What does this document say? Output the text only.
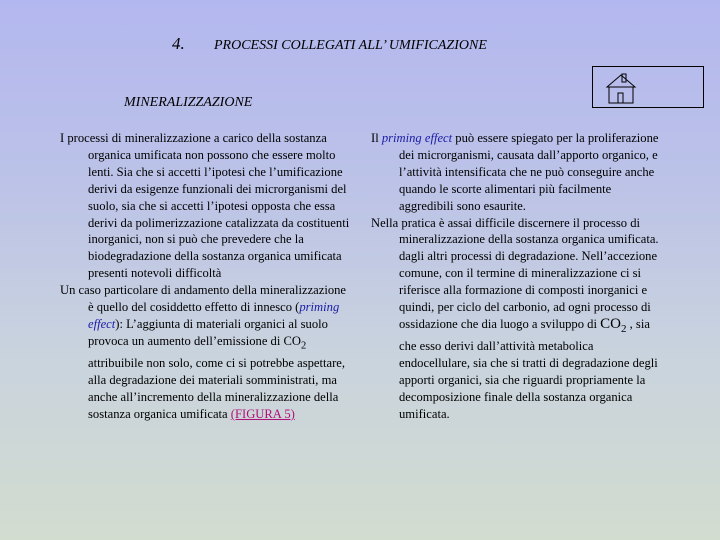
4. PROCESSI COLLEGATI ALL’ UMIFICAZIONE
MINERALIZZAZIONE

I processi di mineralizzazione a carico della sostanza organica umificata non possono che essere molto lenti. Sia che si accetti l’ipotesi che l’umificazione derivi da esigenze funzionali dei microrganismi del suolo, sia che si accetti l’ipotesi opposta che essa derivi da polimerizzazione catalizzata da costituenti inorganici, non si può che prevedere che la biodegradazione della sostanza organica umificata presenti notevoli difficoltà

Un caso particolare di andamento della mineralizzazione è quello del cosiddetto effetto di innesco (priming effect): L’aggiunta di materiali organici al suolo provoca un aumento dell’emissione di $CO_2$ attribuibile non solo, come ci si potrebbe aspettare, alla degradazione dei materiali somministrati, ma anche all’incremento della mineralizzazione della sostanza organica umificata (FIGURA 5)

Il priming effect può essere spiegato per la proliferazione dei microrganismi, causata dall’apporto organico, e l’attività intensificata che ne può conseguire anche quando le scorte alimentari più facilmente aggredibili sono esaurite.

Nella pratica è assai difficile discernere il processo di mineralizzazione della sostanza organica umificata. dagli altri processi di degradazione. Nell’accezione comune, con il termine di mineralizzazione ci si riferisce alla formazione di composti inorganici e quindi, per ciclo del carbonio, ad ogni processo di ossidazione che dia luogo a sviluppo di $CO_2$ , sia che esso derivi dall’attività metabolica endocellulare, sia che si tratti di degradazione degli apporti organici, sia che riguardi propriamente la decomposizione finale della sostanza organica umificata.
